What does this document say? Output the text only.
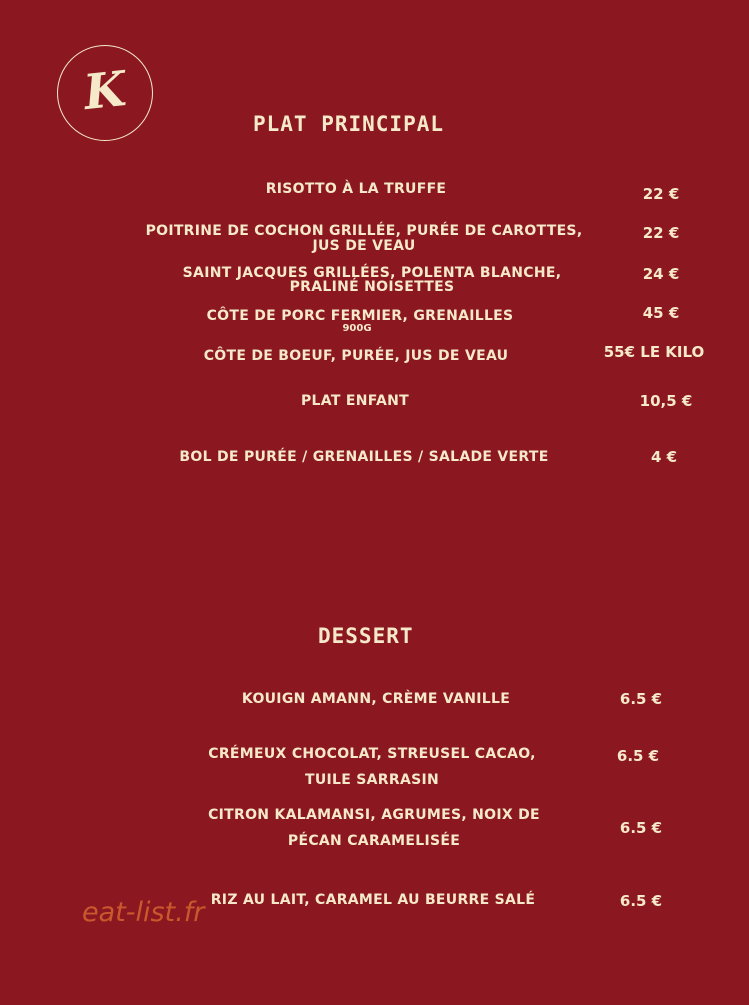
K
PLAT PRINCIPAL
RISOTTO À LA TRUFFE	22 €
POITRINE DE COCHON GRILLÉE, PURÉE DE CAROTTES,
JUS DE VEAU
22 €
SAINT JACQUES GRILLÉES, POLENTA BLANCHE,
PRALINÉ NOISETTES
24 €
CÔTE DE PORC FERMIER, GRENAILLES
900G
45 €
CÔTE DE BOEUF, PURÉE, JUS DE VEAU	55€ LE KILO
PLAT ENFANT	10,5 €
BOL DE PURÉE / GRENAILLES / SALADE VERTE	4 €
DESSERT
KOUIGN AMANN, CRÈME VANILLE	6.5 €
CRÉMEUX CHOCOLAT, STREUSEL CACAO,
TUILE SARRASIN
6.5 €
CITRON KALAMANSI, AGRUMES, NOIX DE
PÉCAN CARAMELISÉE
6.5 €
RIZ AU LAIT, CARAMEL AU BEURRE SALÉ	6.5 €
eat-list.fr
